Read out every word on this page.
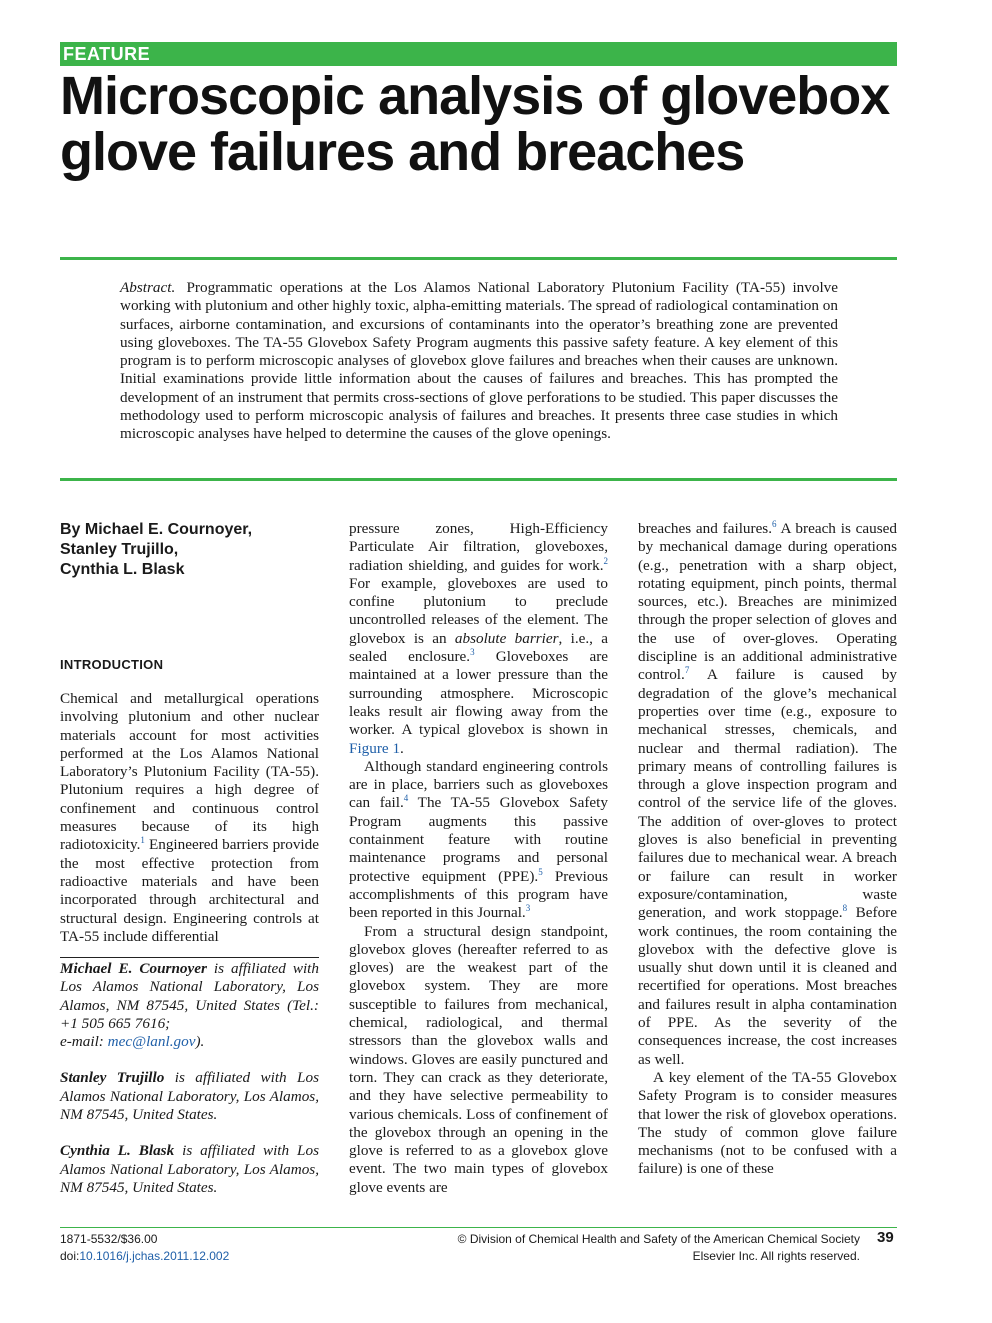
FEATURE
Microscopic analysis of glovebox glove failures and breaches

Abstract. Programmatic operations at the Los Alamos National Laboratory Plutonium Facility (TA-55) involve working with plutonium and other highly toxic, alpha-emitting materials. The spread of radiological contamination on surfaces, airborne contamination, and excursions of contaminants into the operator’s breathing zone are prevented using gloveboxes. The TA-55 Glovebox Safety Program augments this passive safety feature. A key element of this program is to perform microscopic analyses of glovebox glove failures and breaches when their causes are unknown. Initial examinations provide little information about the causes of failures and breaches. This has prompted the development of an instrument that permits cross-sections of glove perforations to be studied. This paper discusses the methodology used to perform microscopic analysis of failures and breaches. It presents three case studies in which microscopic analyses have helped to determine the causes of the glove openings.

By Michael E. Cournoyer,
Stanley Trujillo,
Cynthia L. Blask
INTRODUCTION

Chemical and metallurgical operations involving plutonium and other nuclear materials account for most activities performed at the Los Alamos National Laboratory’s Plutonium Facility (TA-55). Plutonium requires a high degree of confinement and continuous control measures because of its high radiotoxicity.$^1$ Engineered barriers provide the most effective protection from radioactive materials and have been incorporated through architectural and structural design. Engineering controls at TA-55 include differential

Michael E. Cournoyer is affiliated with Los Alamos National Laboratory, Los Alamos, NM 87545, United States (Tel.: +1 505 665 7616;
e-mail: mec@lanl.gov).

Stanley Trujillo is affiliated with Los Alamos National Laboratory, Los Alamos, NM 87545, United States.

Cynthia L. Blask is affiliated with Los Alamos National Laboratory, Los Alamos, NM 87545, United States.

pressure zones, High-Efficiency Particulate Air filtration, gloveboxes, radiation shielding, and guides for work.$^2$ For example, gloveboxes are used to confine plutonium to preclude uncontrolled releases of the element. The glovebox is an absolute barrier, i.e., a sealed enclosure.$^3$ Gloveboxes are maintained at a lower pressure than the surrounding atmosphere. Microscopic leaks result air flowing away from the worker. A typical glovebox is shown in Figure 1.

Although standard engineering controls are in place, barriers such as gloveboxes can fail.$^4$ The TA-55 Glovebox Safety Program augments this passive containment feature with routine maintenance programs and personal protective equipment (PPE).$^5$ Previous accomplishments of this program have been reported in this Journal.$^3$

From a structural design standpoint, glovebox gloves (hereafter referred to as gloves) are the weakest part of the glovebox system. They are more susceptible to failures from mechanical, chemical, radiological, and thermal stressors than the glovebox walls and windows. Gloves are easily punctured and torn. They can crack as they deteriorate, and they have selective permeability to various chemicals. Loss of confinement of the glovebox through an opening in the glove is referred to as a glovebox glove event. The two main types of glovebox glove events are

breaches and failures.$^6$ A breach is caused by mechanical damage during operations (e.g., penetration with a sharp object, rotating equipment, pinch points, thermal sources, etc.). Breaches are minimized through the proper selection of gloves and the use of over-gloves. Operating discipline is an additional administrative control.$^7$ A failure is caused by degradation of the glove’s mechanical properties over time (e.g., exposure to mechanical stresses, chemicals, and nuclear and thermal radiation). The primary means of controlling failures is through a glove inspection program and control of the service life of the gloves. The addition of over-gloves to protect gloves is also beneficial in preventing failures due to mechanical wear. A breach or failure can result in worker exposure/contamination, waste generation, and work stoppage.$^8$ Before work continues, the room containing the glovebox with the defective glove is usually shut down until it is cleaned and recertified for operations. Most breaches and failures result in alpha contamination of PPE. As the severity of the consequences increase, the cost increases as well.

A key element of the TA-55 Glovebox Safety Program is to consider measures that lower the risk of glovebox operations. The study of common glove failure mechanisms (not to be confused with a failure) is one of these

1871-5532/$36.00
doi:10.1016/j.jchas.2011.12.002
© Division of Chemical Health and Safety of the American Chemical Society
Elsevier Inc. All rights reserved.
39
